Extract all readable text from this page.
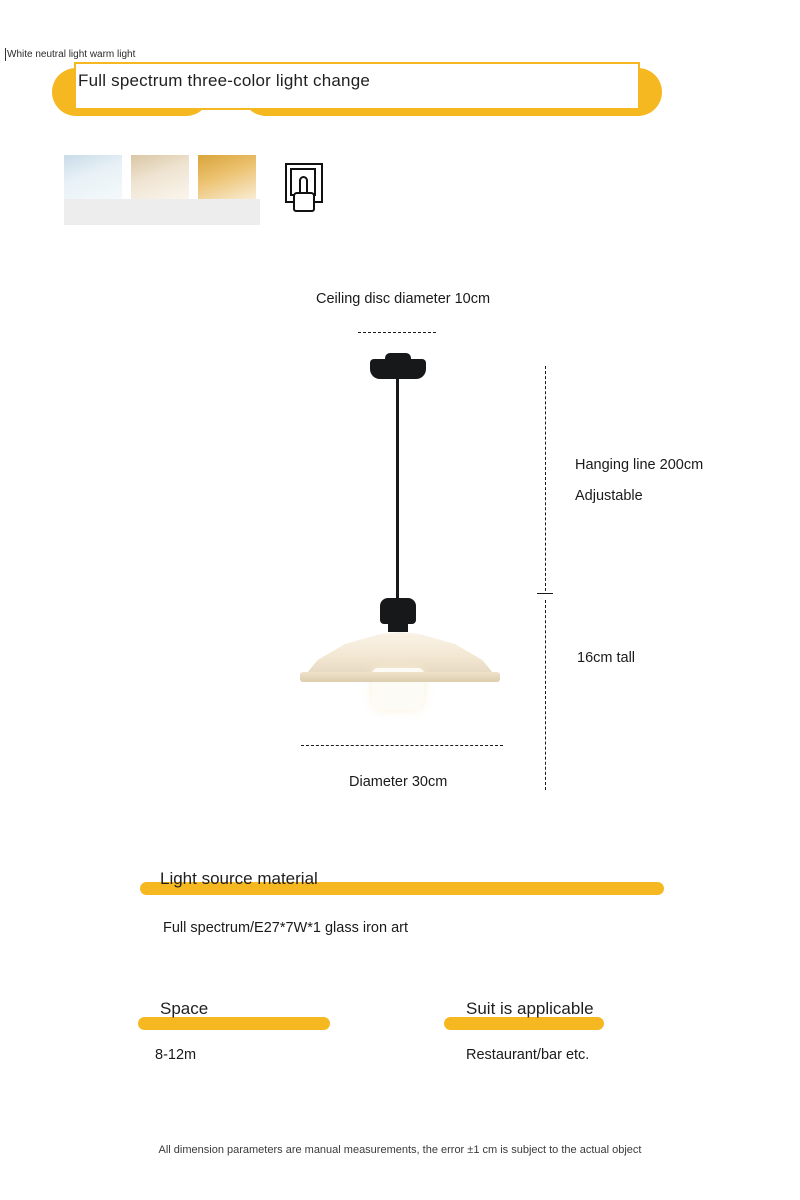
Full spectrum three-color light change
White neutral light warm light
Ceiling disc diameter 10cm
Hanging line 200cm
Adjustable
16cm tall
Diameter 30cm
Light source material
Full spectrum/E27*7W*1 glass iron art
Space
8-12m
Suit is applicable
Restaurant/bar etc.
All dimension parameters are manual measurements, the error ±1 cm is subject to the actual object
